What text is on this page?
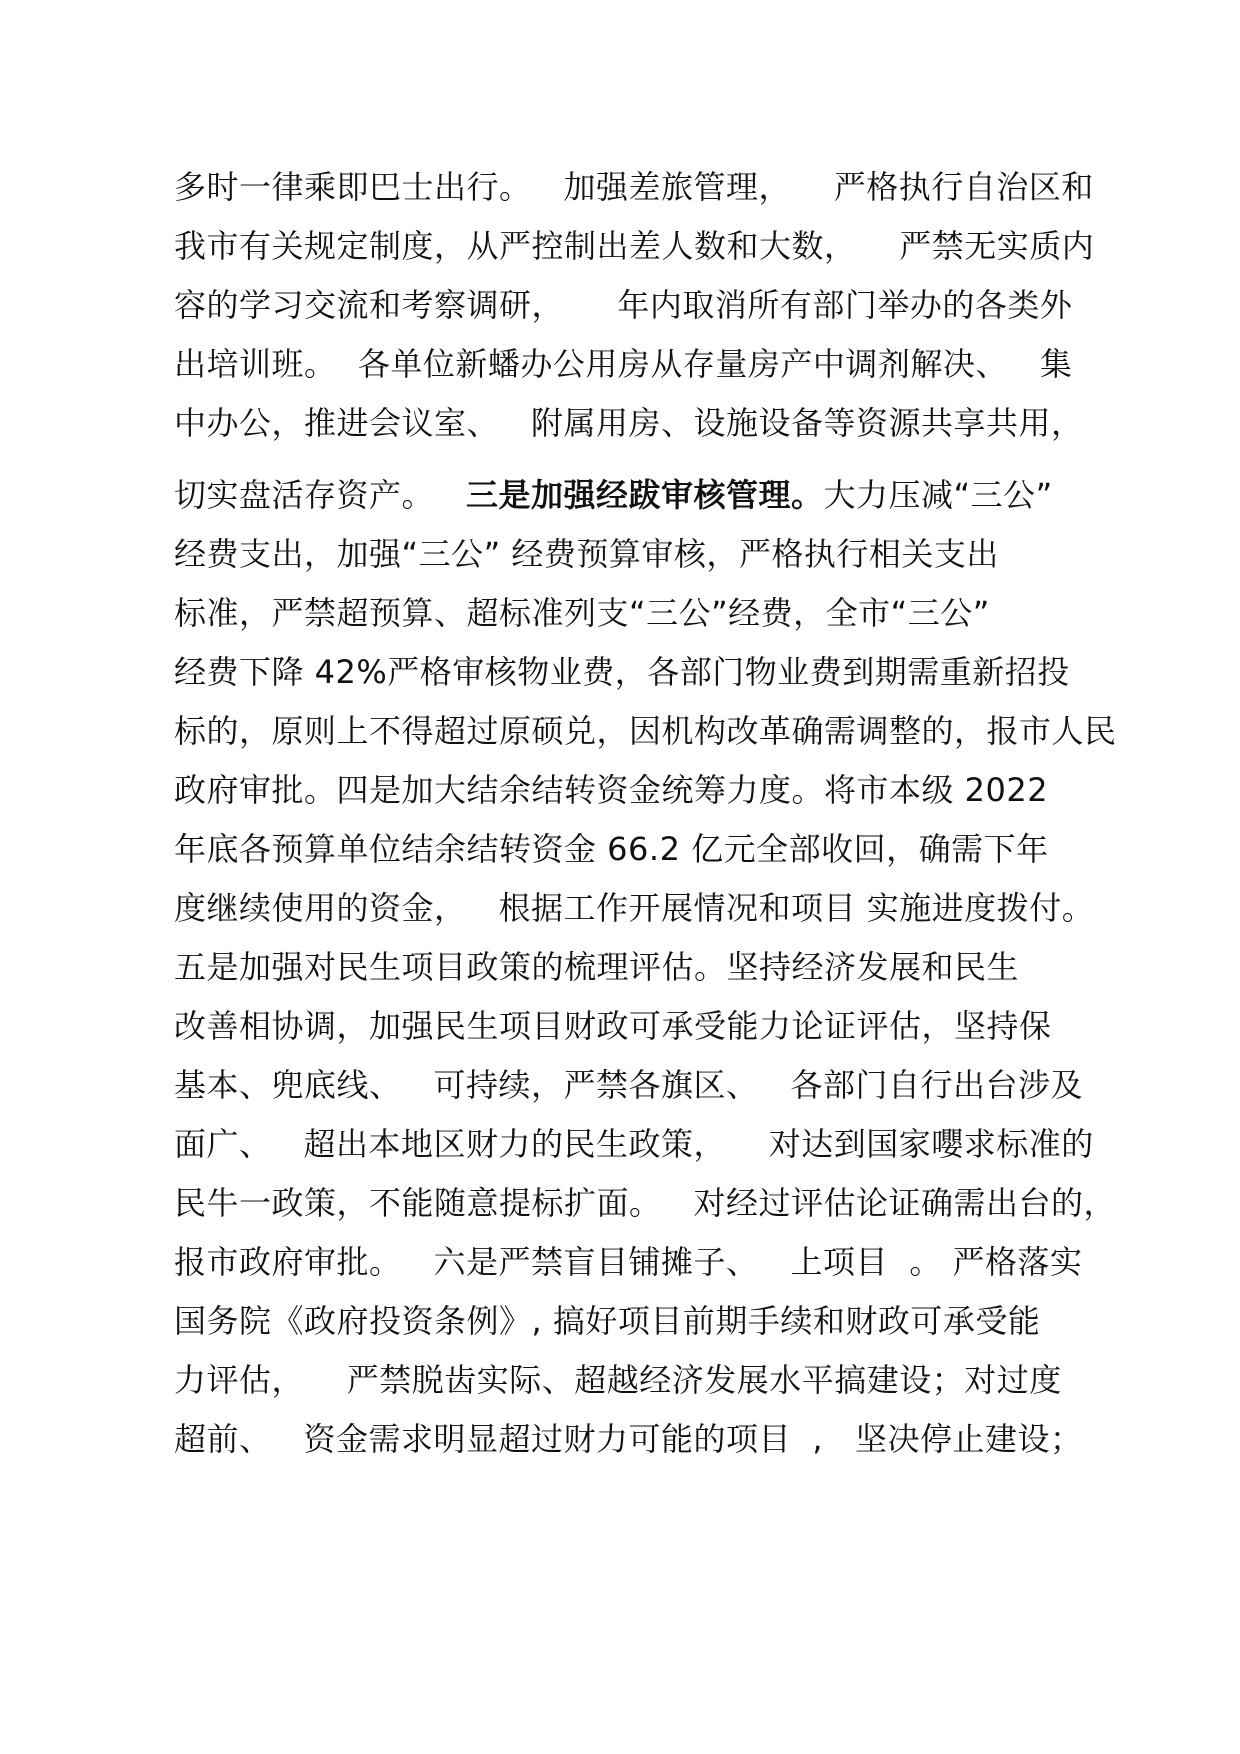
多时一律乘即巴士出行。   加强差旅管理，    严格执行自治区和
我市有关规定制度，从严控制出差人数和大数，    严禁无实质内
容的学习交流和考察调研，     年内取消所有部门举办的各类外
出培训班。  各单位新蟠办公用房从存量房产中调剂解决、   集
中办公，推进会议室、   附属用房、设施设备等资源共享共用，
切实盘活存资产。   三是加强经跋审核管理。大力压减“三公”
经费支出，加强“三公” 经费预算审核，严格执行相关支出
标准，严禁超预算、超标准列支“三公”经费，全市“三公”
经费下降 42%严格审核物业费，各部门物业费到期需重新招投
标的，原则上不得超过原硕兑，因机构改革确需调整的，报市人民
政府审批。四是加大结余结转资金统筹力度。将市本级 2022
年底各预算单位结余结转资金 66.2 亿元全部收回，确需下年
度继续使用的资金，   根据工作开展情况和项目 实施进度拨付。
五是加强对民生项目政策的梳理评估。坚持经济发展和民生
改善相协调，加强民生项目财政可承受能力论证评估，坚持保
基本、兜底线、   可持续，严禁各旗区、   各部门自行出台涉及
面广、   超出本地区财力的民生政策，    对达到国家嚶求标准的
民牛一政策，不能随意提标扩面。   对经过评估论证确需出台的，
报市政府审批。   六是严禁盲目铺摊子、   上项目  。 严格落实
国务院《政府投资条例》, 搞好项目前期手续和财政可承受能
力评估，    严禁脱齿实际、超越经济发展水平搞建设；对过度
超前、   资金需求明显超过财力可能的项目  ,   坚决停止建设；
